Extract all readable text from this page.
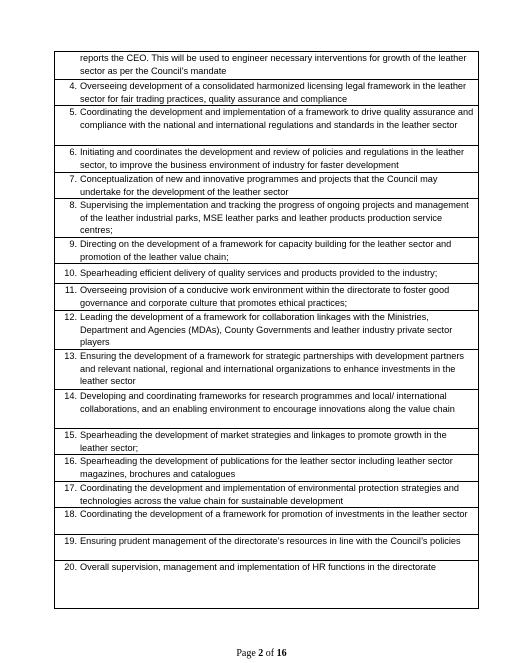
reports the CEO. This will be used to engineer necessary interventions for growth of the leather sector as per the Council’s mandate
4. Overseeing development of a consolidated harmonized licensing legal framework in the leather sector for fair trading practices, quality assurance and compliance
5. Coordinating the development and implementation of a framework to drive quality assurance and compliance with the national and international regulations and standards in the leather sector
6. Initiating and coordinates the development and review of policies and regulations in the leather sector, to improve the business environment of industry for faster development
7. Conceptualization of new and innovative programmes and projects that the Council may undertake for the development of the leather sector
8. Supervising the implementation and tracking the progress of ongoing projects and management of the leather industrial parks, MSE leather parks and leather products production service centres;
9. Directing on the development of a framework for capacity building for the leather sector and promotion of the leather value chain;
10. Spearheading efficient delivery of quality services and products provided to the industry;
11. Overseeing provision of a conducive work environment within the directorate to foster good governance and corporate culture that promotes ethical practices;
12. Leading the development of a framework for collaboration linkages with the Ministries, Department and Agencies (MDAs), County Governments and leather industry private sector players
13. Ensuring the development of a framework for strategic partnerships with development partners and relevant national, regional and international organizations to enhance investments in the leather sector
14. Developing and coordinating frameworks for research programmes and local/ international collaborations, and an enabling environment to encourage innovations along the value chain
15. Spearheading the development of market strategies and linkages to promote growth in the leather sector;
16. Spearheading the development of publications for the leather sector including leather sector magazines, brochures and catalogues
17. Coordinating the development and implementation of environmental protection strategies and technologies across the value chain for sustainable development
18. Coordinating the development of a framework for promotion of investments in the leather sector
19. Ensuring prudent management of the directorate’s resources in line with the Council’s policies
20. Overall supervision, management and implementation of HR functions in the directorate
Page 2 of 16
